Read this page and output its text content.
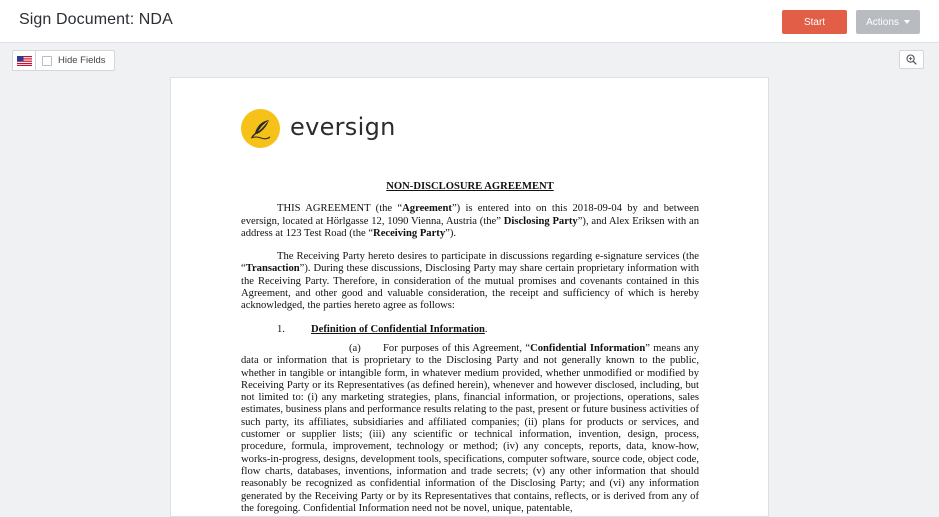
Sign Document: NDA	Start	Actions
Hide Fields
eversign
NON-DISCLOSURE AGREEMENT

THIS AGREEMENT (the “Agreement”) is entered into on this 2018-09-04 by and between eversign, located at Hörlgasse 12, 1090 Vienna, Austria (the” Disclosing Party”), and Alex Eriksen with an address at 123 Test Road (the “Receiving Party”).

The Receiving Party hereto desires to participate in discussions regarding e-signature services (the “Transaction”). During these discussions, Disclosing Party may share certain proprietary information with the Receiving Party. Therefore, in consideration of the mutual promises and covenants contained in this Agreement, and other good and valuable consideration, the receipt and sufficiency of which is hereby acknowledged, the parties hereto agree as follows:

1.	Definition of Confidential Information.

(a) For purposes of this Agreement, “Confidential Information” means any data or information that is proprietary to the Disclosing Party and not generally known to the public, whether in tangible or intangible form, in whatever medium provided, whether unmodified or modified by Receiving Party or its Representatives (as defined herein), whenever and however disclosed, including, but not limited to: (i) any marketing strategies, plans, financial information, or projections, operations, sales estimates, business plans and performance results relating to the past, present or future business activities of such party, its affiliates, subsidiaries and affiliated companies; (ii) plans for products or services, and customer or supplier lists; (iii) any scientific or technical information, invention, design, process, procedure, formula, improvement, technology or method; (iv) any concepts, reports, data, know-how, works-in-progress, designs, development tools, specifications, computer software, source code, object code, flow charts, databases, inventions, information and trade secrets; (v) any other information that should reasonably be recognized as confidential information of the Disclosing Party; and (vi) any information generated by the Receiving Party or by its Representatives that contains, reflects, or is derived from any of the foregoing. Confidential Information need not be novel, unique, patentable,
